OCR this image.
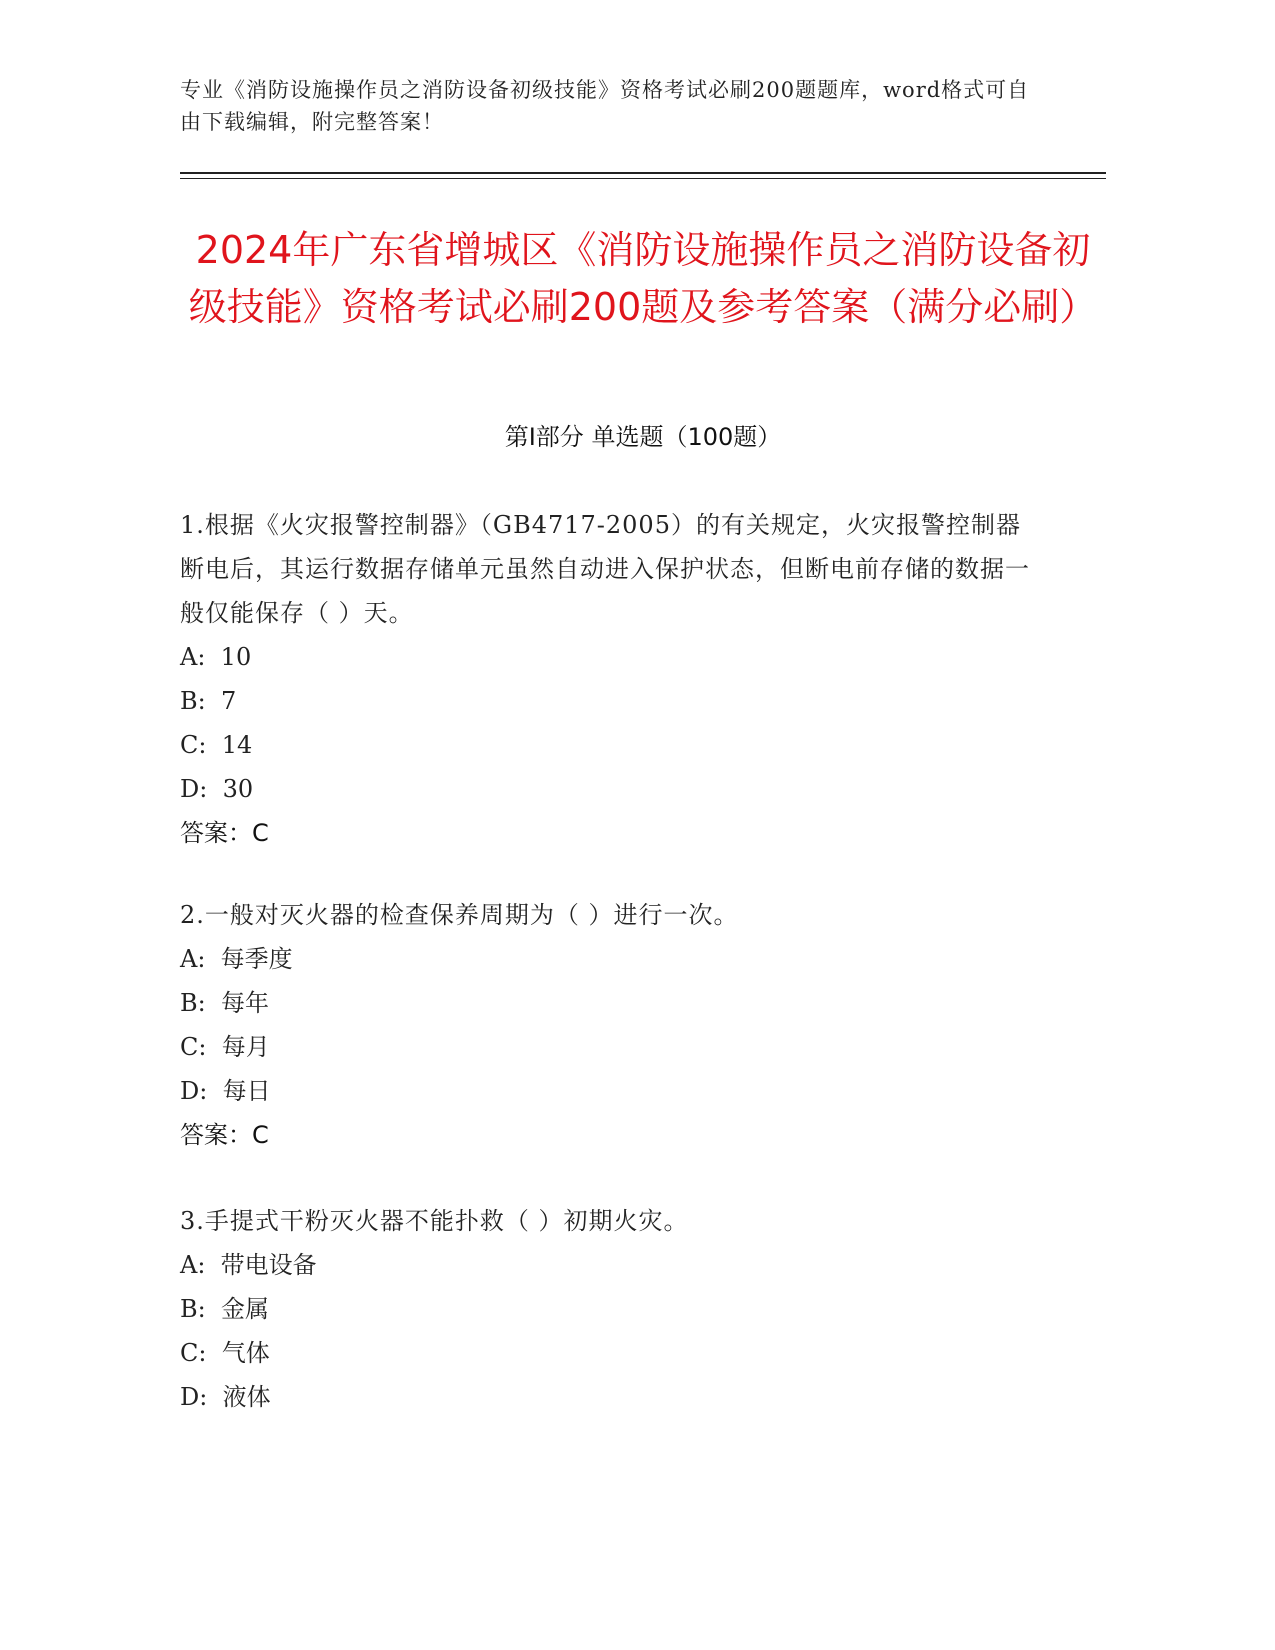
专业《消防设施操作员之消防设备初级技能》资格考试必刷200题题库，word格式可自由下载编辑，附完整答案！
2024年广东省增城区《消防设施操作员之消防设备初级技能》资格考试必刷200题及参考答案（满分必刷）
第Ⅰ部分 单选题（100题）

1.根据《火灾报警控制器》（GB4717-2005）的有关规定，火灾报警控制器断电后，其运行数据存储单元虽然自动进入保护状态，但断电前存储的数据一般仅能保存（ ）天。

A:  10

B:  7

C:  14

D:  30

答案：C

2.一般对灭火器的检查保养周期为（ ）进行一次。

A:  每季度

B:  每年

C:  每月

D:  每日

答案：C

3.手提式干粉灭火器不能扑救（ ）初期火灾。

A:  带电设备

B:  金属

C:  气体

D:  液体
